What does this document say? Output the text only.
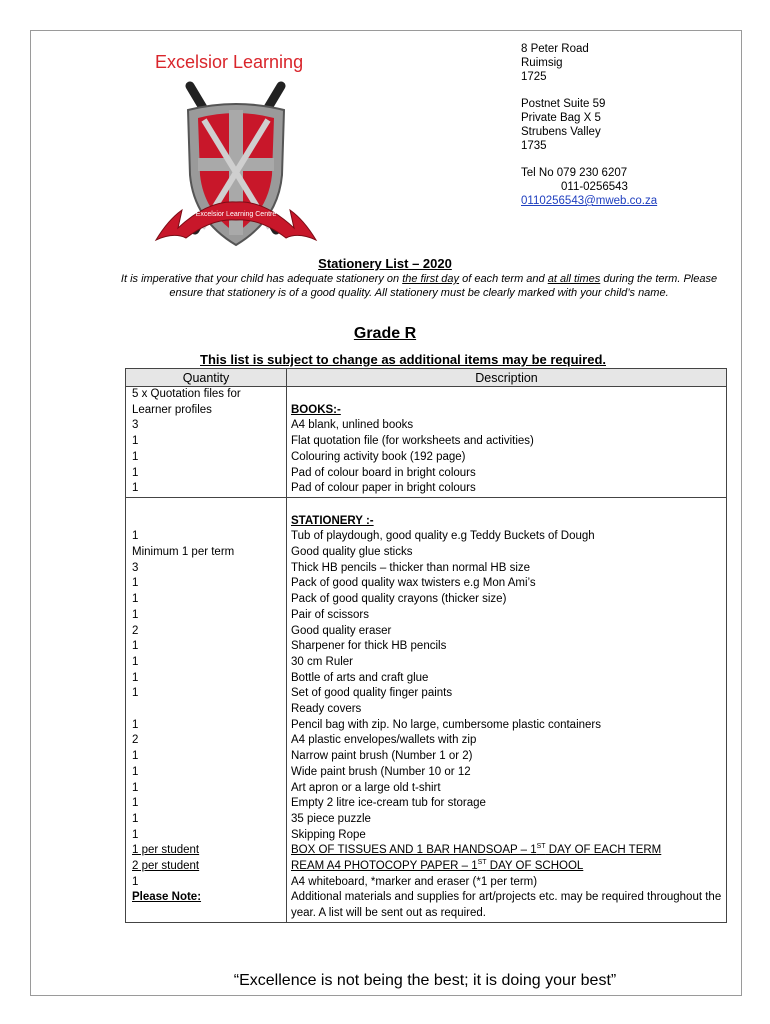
Excelsior Learning
Excelsior Learning Centre
8 Peter Road
Ruimsig
1725
Postnet Suite 59
Private Bag X 5
Strubens Valley
1735
Tel No 079 230 6207
011-0256543
0110256543@mweb.co.za
Stationery List – 2020
It is imperative that your child has adequate stationery on the first day of each term and at all times during the term. Please ensure that stationery is of a good quality. All stationery must be clearly marked with your child’s name.
Grade R
This list is subject to change as additional items may be required.
Quantity	Description
5 x Quotation files for	
Learner profiles	BOOKS:-
3	A4 blank, unlined books
1	Flat quotation file (for worksheets and activities)
1	Colouring activity book (192 page)
1	Pad of colour board in bright colours
1	Pad of colour paper in bright colours

	STATIONERY :-
1	Tub of playdough, good quality e.g Teddy Buckets of Dough
Minimum 1 per term	Good quality glue sticks
3	Thick HB pencils – thicker than normal HB size
1	Pack of good quality wax twisters e.g Mon Ami’s
1	Pack of good quality crayons (thicker size)
1	Pair of scissors
2	Good quality eraser
1	Sharpener for thick HB pencils
1	30 cm Ruler
1	Bottle of arts and craft glue
1	Set of good quality finger paints
	Ready covers
1	Pencil bag with zip. No large, cumbersome plastic containers
2	A4 plastic envelopes/wallets with zip
1	Narrow paint brush (Number 1 or 2)
1	Wide paint brush (Number 10 or 12
1	Art apron or a large old t-shirt
1	Empty 2 litre ice-cream tub for storage
1	35 piece puzzle
1	Skipping Rope
1 per student	BOX OF TISSUES AND 1 BAR HANDSOAP – 1ST DAY OF EACH TERM
2 per student	REAM A4 PHOTOCOPY PAPER – 1ST DAY OF SCHOOL
1	A4 whiteboard, *marker and eraser (*1 per term)
Please Note:	Additional materials and supplies for art/projects etc. may be required throughout the year. A list will be sent out as required.
“Excellence is not being the best; it is doing your best”
